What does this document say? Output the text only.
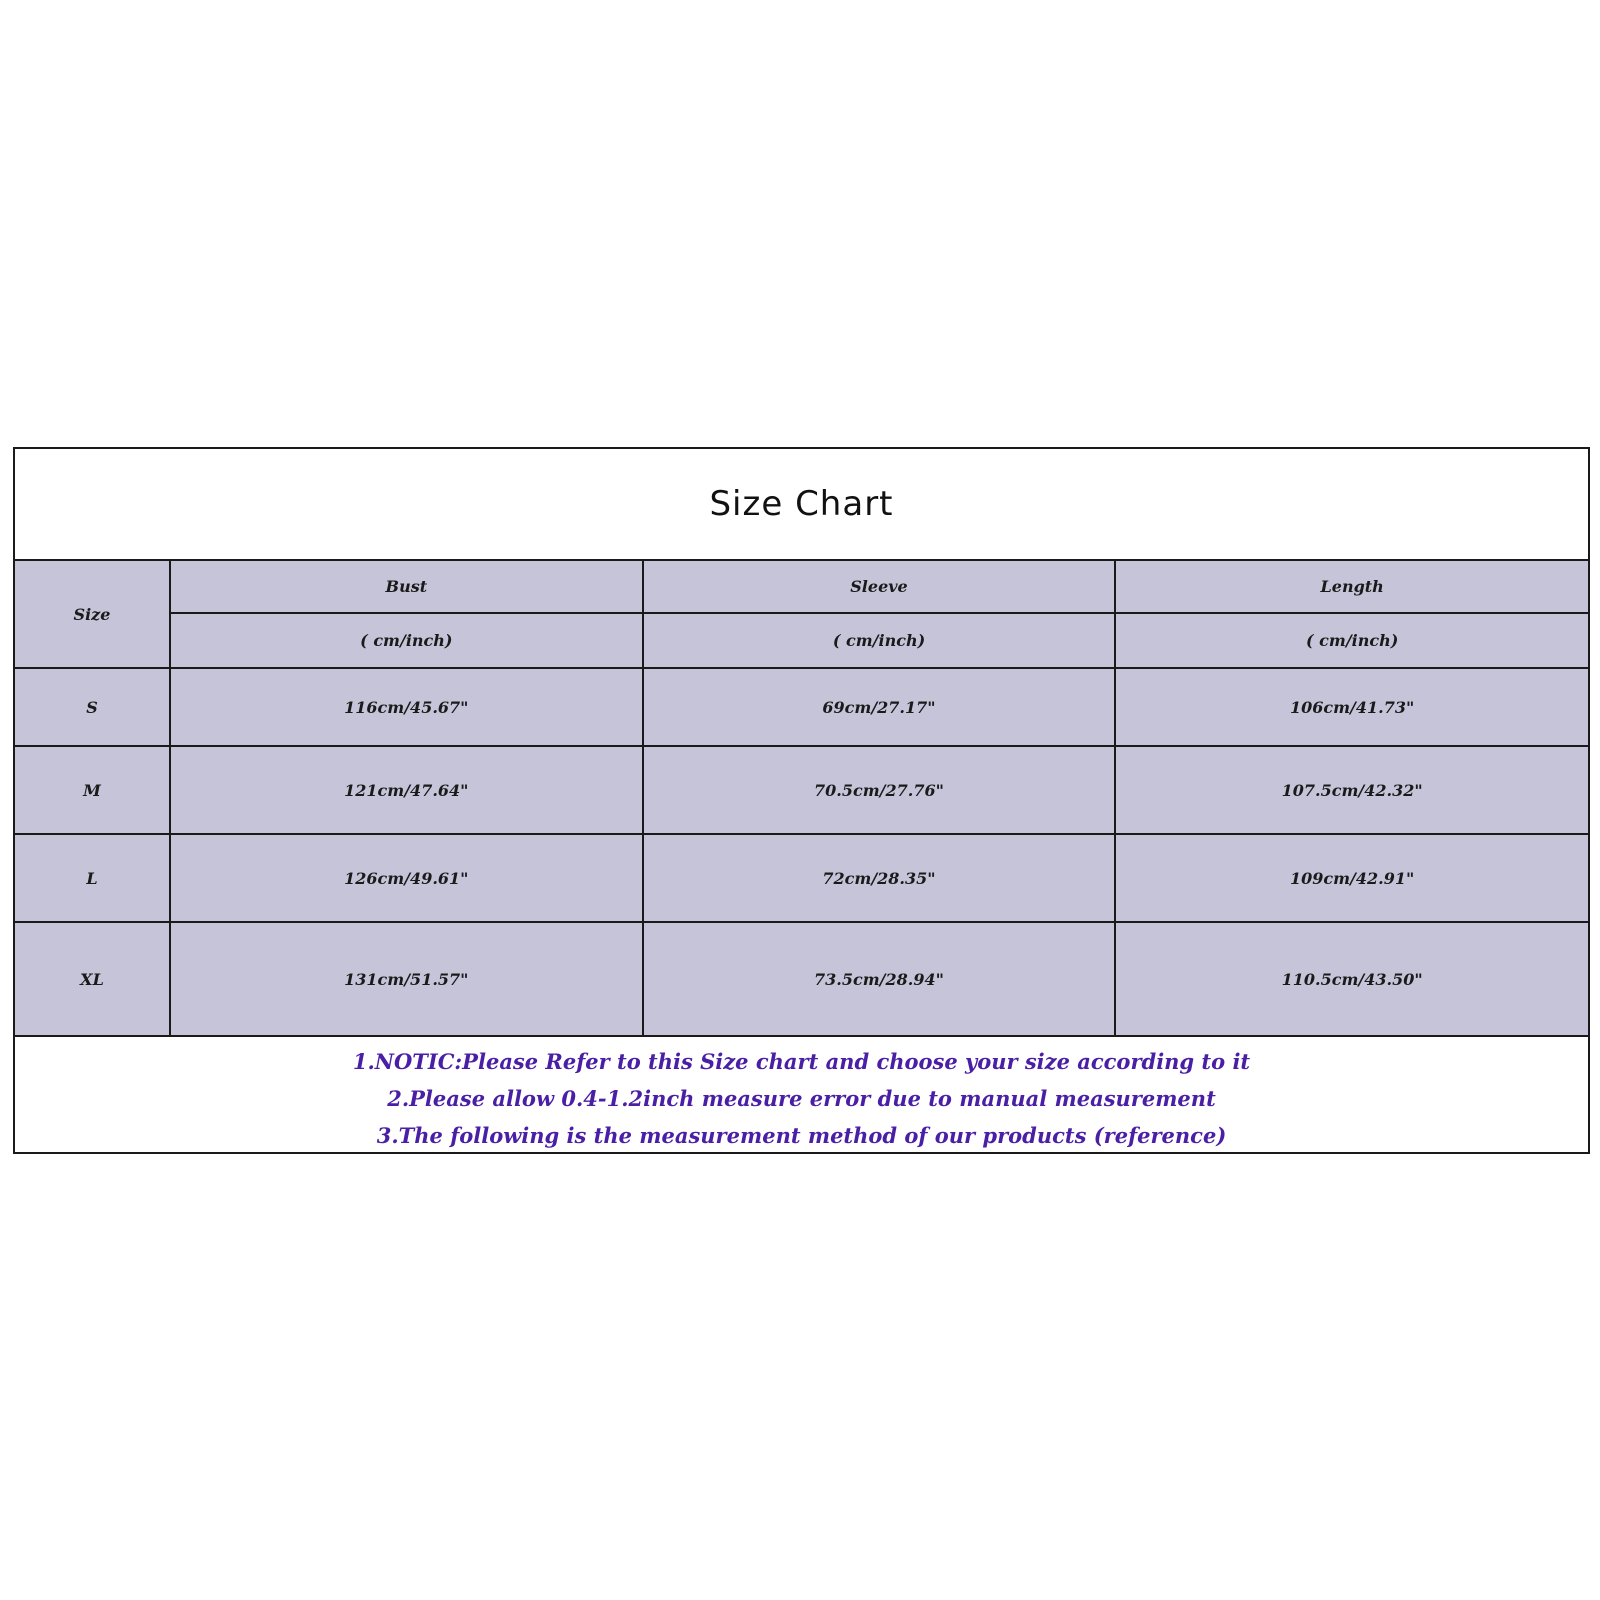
Size Chart
Size	Bust	Sleeve	Length
	( cm/inch)	( cm/inch)	( cm/inch)
S	116cm/45.67"	69cm/27.17"	106cm/41.73"
M	121cm/47.64"	70.5cm/27.76"	107.5cm/42.32"
L	126cm/49.61"	72cm/28.35"	109cm/42.91"
XL	131cm/51.57"	73.5cm/28.94"	110.5cm/43.50"
1.NOTIC:Please Refer to this Size chart and choose your size according to it
2.Please allow 0.4-1.2inch measure error due to manual measurement
3.The following is the measurement method of our products (reference)
